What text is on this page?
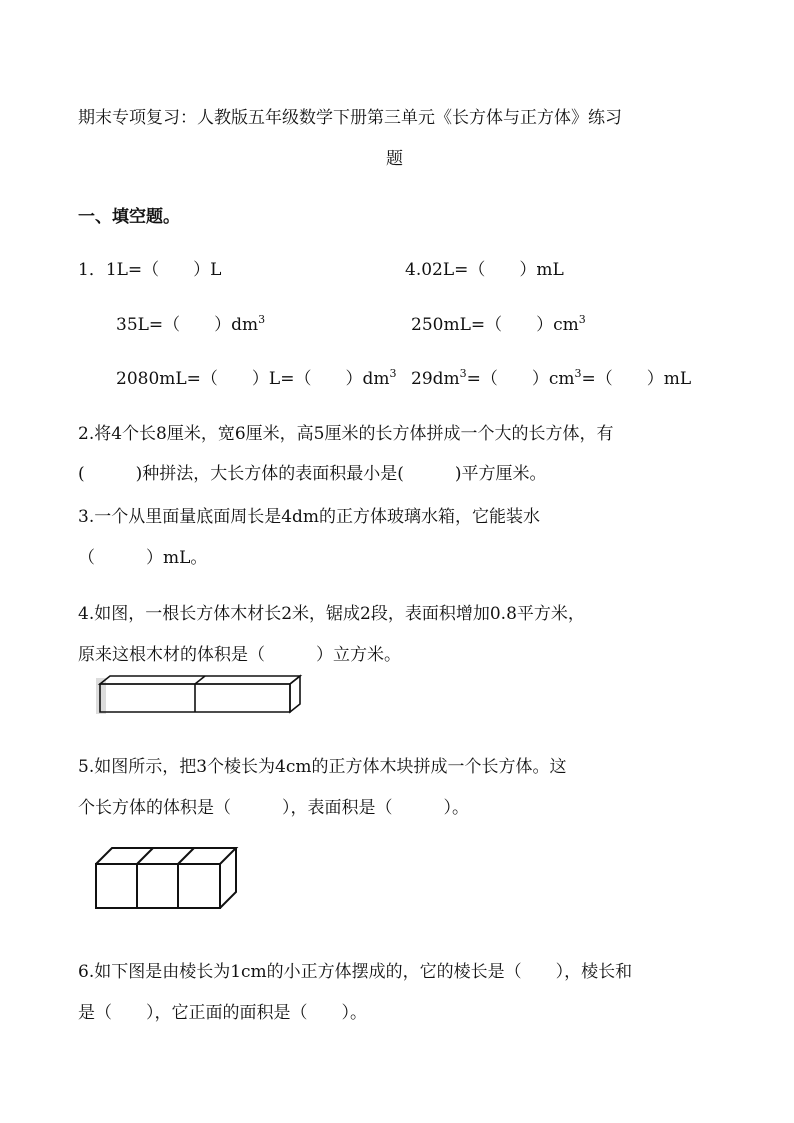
期末专项复习：人教版五年级数学下册第三单元《长方体与正方体》练习
题
一、填空题。
1．1L=（　　）L	4.02L=（　　）mL
35L=（　　）$dm^3$	250mL=（　　）$cm^3$
2080mL=（　　）L=（　　）$dm^3$ $29dm^3=$（　　）$cm^3=$（　　）mL
2.将4个长8厘米，宽6厘米，高5厘米的长方体拼成一个大的长方体，有
(　　　)种拼法，大长方体的表面积最小是(　　　)平方厘米。
3.一个从里面量底面周长是4dm的正方体玻璃水箱，它能装水
（　　　）mL。
4.如图，一根长方体木材长2米，锯成2段，表面积增加0.8平方米，
原来这根木材的体积是（　　　）立方米。
5.如图所示，把3个棱长为4cm的正方体木块拼成一个长方体。这
个长方体的体积是（　　　），表面积是（　　　）。
6.如下图是由棱长为1cm的小正方体摆成的，它的棱长是（　　），棱长和
是（　　），它正面的面积是（　　）。
